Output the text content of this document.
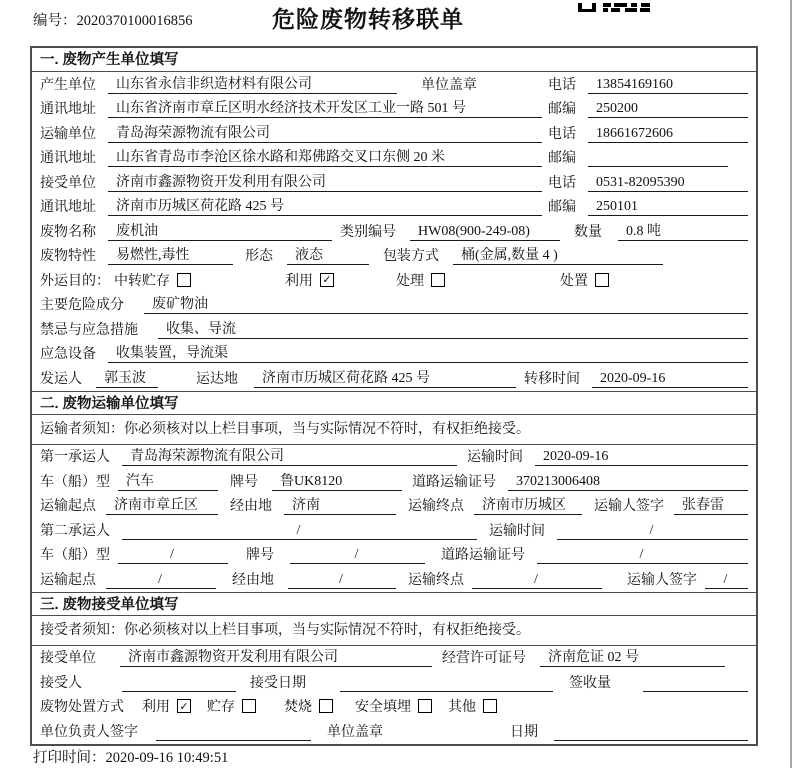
编号：2020370100016856	危险废物转移联单
一. 废物产生单位填写
产生单位	山东省永信非织造材料有限公司	单位盖章	电话	13854169160
通讯地址	山东省济南市章丘区明水经济技术开发区工业一路 501 号	邮编	250200
运输单位	青岛海荣源物流有限公司	电话	18661672606
通讯地址	山东省青岛市李沧区徐水路和郑佛路交叉口东侧 20 米	邮编
接受单位	济南市鑫源物资开发利用有限公司	电话	0531-82095390
通讯地址	济南市历城区荷花路 425 号	邮编	250101
废物名称	废机油	类别编号	HW08(900-249-08)	数量	0.8 吨
废物特性	易燃性,毒性	形态	液态	包装方式	桶(金属,数量 4 )
外运目的： 中转贮存	利用 ✓	处理	处置
主要危险成分	废矿物油
禁忌与应急措施	收集、导流
应急设备	收集装置，导流渠
发运人	郭玉波	运达地	济南市历城区荷花路 425 号	转移时间	2020-09-16
二. 废物运输单位填写
运输者须知：你必须核对以上栏目事项，当与实际情况不符时，有权拒绝接受。
第一承运人	青岛海荣源物流有限公司	运输时间	2020-09-16
车（船）型	汽车	牌号	鲁UK8120	道路运输证号	370213006408
运输起点	济南市章丘区	经由地	济南	运输终点	济南市历城区	运输人签字	张春雷
第二承运人	/	运输时间	/
车（船）型	/	牌号	/	道路运输证号	/
运输起点	/	经由地	/	运输终点	/	运输人签字	/
三. 废物接受单位填写
接受者须知：你必须核对以上栏目事项，当与实际情况不符时，有权拒绝接受。
接受单位	济南市鑫源物资开发利用有限公司	经营许可证号	济南危证 02 号
接受人	接受日期	签收量
废物处置方式 利用 ✓ 贮存	焚烧	安全填埋	其他
单位负责人签字	单位盖章	日期
打印时间：2020-09-16 10:49:51
